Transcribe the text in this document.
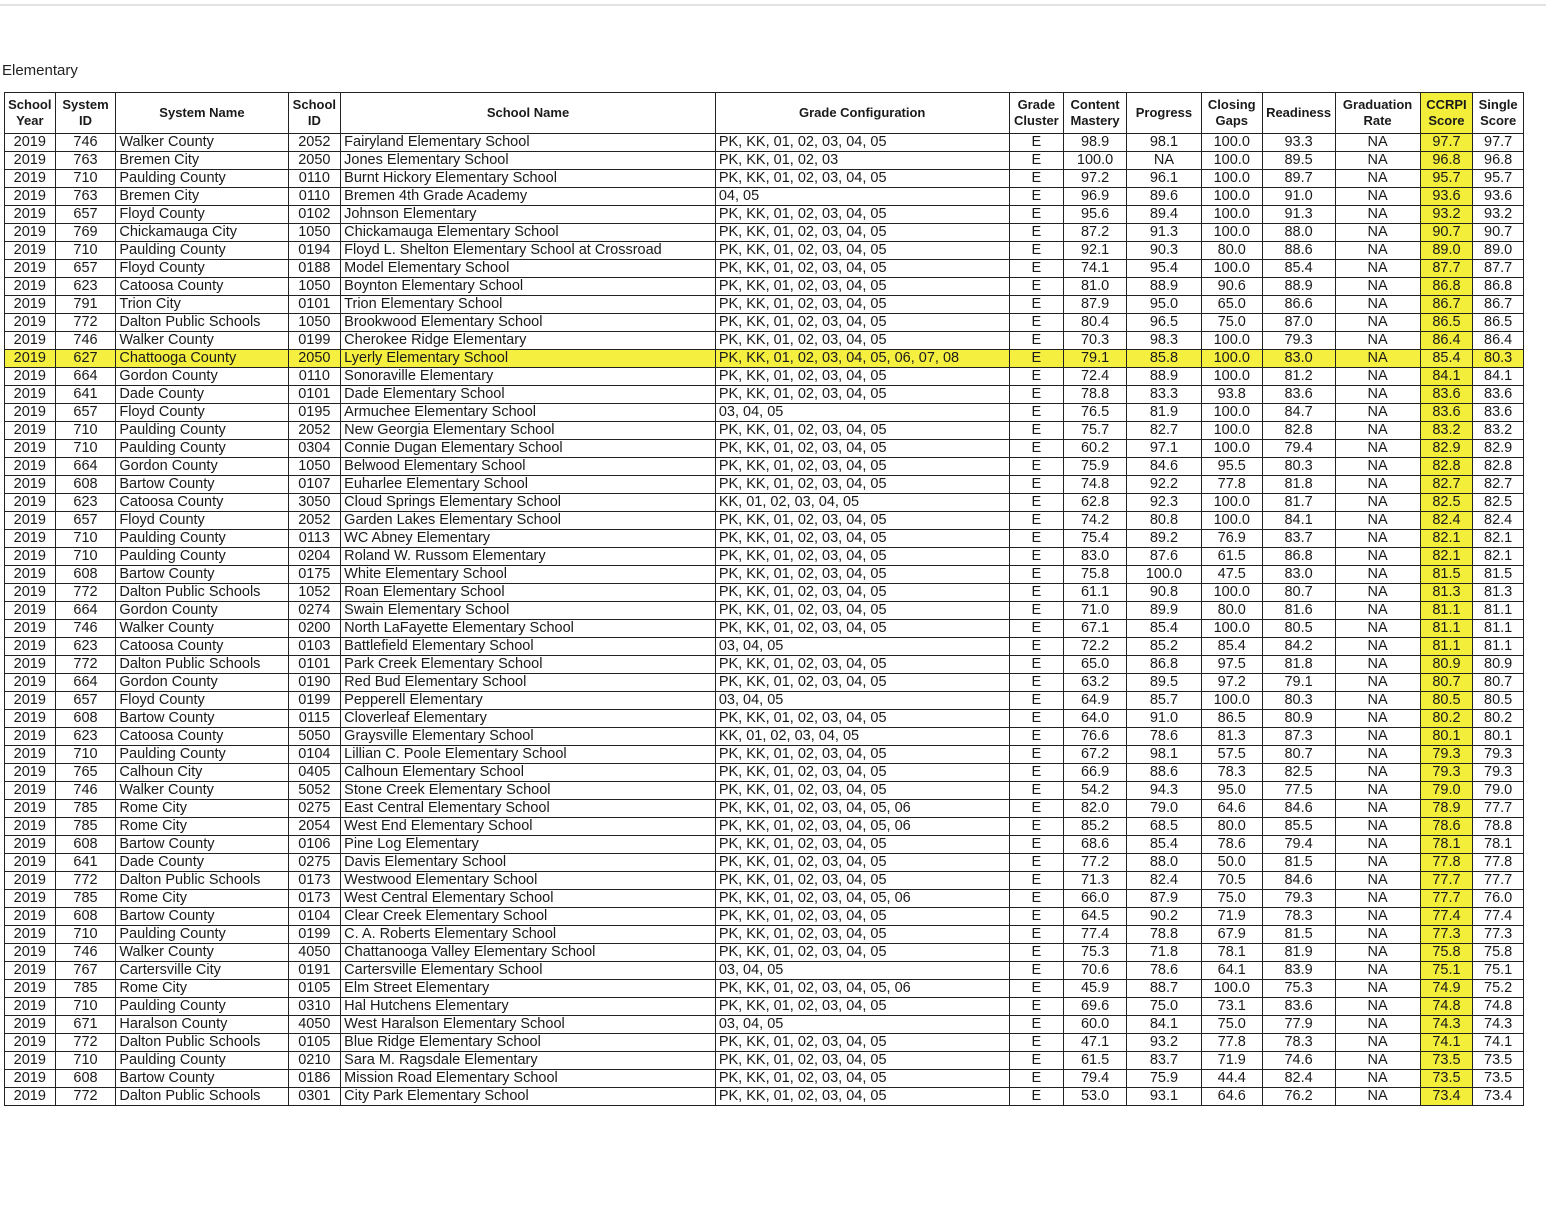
Elementary
School Year	System ID	System Name	School ID	School Name	Grade Configuration	Grade Cluster	Content Mastery	Progress	Closing Gaps	Readiness	Graduation Rate	CCRPI Score	Single Score
2019	746	Walker County	2052	Fairyland Elementary School	PK, KK, 01, 02, 03, 04, 05	E	98.9	98.1	100.0	93.3	NA	97.7	97.7
2019	763	Bremen City	2050	Jones Elementary School	PK, KK, 01, 02, 03	E	100.0	NA	100.0	89.5	NA	96.8	96.8
2019	710	Paulding County	0110	Burnt Hickory Elementary School	PK, KK, 01, 02, 03, 04, 05	E	97.2	96.1	100.0	89.7	NA	95.7	95.7
2019	763	Bremen City	0110	Bremen 4th Grade Academy	04, 05	E	96.9	89.6	100.0	91.0	NA	93.6	93.6
2019	657	Floyd County	0102	Johnson Elementary	PK, KK, 01, 02, 03, 04, 05	E	95.6	89.4	100.0	91.3	NA	93.2	93.2
2019	769	Chickamauga City	1050	Chickamauga Elementary School	PK, KK, 01, 02, 03, 04, 05	E	87.2	91.3	100.0	88.0	NA	90.7	90.7
2019	710	Paulding County	0194	Floyd L. Shelton Elementary School at Crossroad	PK, KK, 01, 02, 03, 04, 05	E	92.1	90.3	80.0	88.6	NA	89.0	89.0
2019	657	Floyd County	0188	Model Elementary School	PK, KK, 01, 02, 03, 04, 05	E	74.1	95.4	100.0	85.4	NA	87.7	87.7
2019	623	Catoosa County	1050	Boynton Elementary School	PK, KK, 01, 02, 03, 04, 05	E	81.0	88.9	90.6	88.9	NA	86.8	86.8
2019	791	Trion City	0101	Trion Elementary School	PK, KK, 01, 02, 03, 04, 05	E	87.9	95.0	65.0	86.6	NA	86.7	86.7
2019	772	Dalton Public Schools	1050	Brookwood Elementary School	PK, KK, 01, 02, 03, 04, 05	E	80.4	96.5	75.0	87.0	NA	86.5	86.5
2019	746	Walker County	0199	Cherokee Ridge Elementary	PK, KK, 01, 02, 03, 04, 05	E	70.3	98.3	100.0	79.3	NA	86.4	86.4
2019	627	Chattooga County	2050	Lyerly Elementary School	PK, KK, 01, 02, 03, 04, 05, 06, 07, 08	E	79.1	85.8	100.0	83.0	NA	85.4	80.3
2019	664	Gordon County	0110	Sonoraville Elementary	PK, KK, 01, 02, 03, 04, 05	E	72.4	88.9	100.0	81.2	NA	84.1	84.1
2019	641	Dade County	0101	Dade Elementary School	PK, KK, 01, 02, 03, 04, 05	E	78.8	83.3	93.8	83.6	NA	83.6	83.6
2019	657	Floyd County	0195	Armuchee Elementary School	03, 04, 05	E	76.5	81.9	100.0	84.7	NA	83.6	83.6
2019	710	Paulding County	2052	New Georgia Elementary School	PK, KK, 01, 02, 03, 04, 05	E	75.7	82.7	100.0	82.8	NA	83.2	83.2
2019	710	Paulding County	0304	Connie Dugan Elementary School	PK, KK, 01, 02, 03, 04, 05	E	60.2	97.1	100.0	79.4	NA	82.9	82.9
2019	664	Gordon County	1050	Belwood Elementary School	PK, KK, 01, 02, 03, 04, 05	E	75.9	84.6	95.5	80.3	NA	82.8	82.8
2019	608	Bartow County	0107	Euharlee Elementary School	PK, KK, 01, 02, 03, 04, 05	E	74.8	92.2	77.8	81.8	NA	82.7	82.7
2019	623	Catoosa County	3050	Cloud Springs Elementary School	KK, 01, 02, 03, 04, 05	E	62.8	92.3	100.0	81.7	NA	82.5	82.5
2019	657	Floyd County	2052	Garden Lakes Elementary School	PK, KK, 01, 02, 03, 04, 05	E	74.2	80.8	100.0	84.1	NA	82.4	82.4
2019	710	Paulding County	0113	WC Abney Elementary	PK, KK, 01, 02, 03, 04, 05	E	75.4	89.2	76.9	83.7	NA	82.1	82.1
2019	710	Paulding County	0204	Roland W. Russom Elementary	PK, KK, 01, 02, 03, 04, 05	E	83.0	87.6	61.5	86.8	NA	82.1	82.1
2019	608	Bartow County	0175	White Elementary School	PK, KK, 01, 02, 03, 04, 05	E	75.8	100.0	47.5	83.0	NA	81.5	81.5
2019	772	Dalton Public Schools	1052	Roan Elementary School	PK, KK, 01, 02, 03, 04, 05	E	61.1	90.8	100.0	80.7	NA	81.3	81.3
2019	664	Gordon County	0274	Swain Elementary School	PK, KK, 01, 02, 03, 04, 05	E	71.0	89.9	80.0	81.6	NA	81.1	81.1
2019	746	Walker County	0200	North LaFayette Elementary School	PK, KK, 01, 02, 03, 04, 05	E	67.1	85.4	100.0	80.5	NA	81.1	81.1
2019	623	Catoosa County	0103	Battlefield Elementary School	03, 04, 05	E	72.2	85.2	85.4	84.2	NA	81.1	81.1
2019	772	Dalton Public Schools	0101	Park Creek Elementary School	PK, KK, 01, 02, 03, 04, 05	E	65.0	86.8	97.5	81.8	NA	80.9	80.9
2019	664	Gordon County	0190	Red Bud Elementary School	PK, KK, 01, 02, 03, 04, 05	E	63.2	89.5	97.2	79.1	NA	80.7	80.7
2019	657	Floyd County	0199	Pepperell Elementary	03, 04, 05	E	64.9	85.7	100.0	80.3	NA	80.5	80.5
2019	608	Bartow County	0115	Cloverleaf Elementary	PK, KK, 01, 02, 03, 04, 05	E	64.0	91.0	86.5	80.9	NA	80.2	80.2
2019	623	Catoosa County	5050	Graysville Elementary School	KK, 01, 02, 03, 04, 05	E	76.6	78.6	81.3	87.3	NA	80.1	80.1
2019	710	Paulding County	0104	Lillian C. Poole Elementary School	PK, KK, 01, 02, 03, 04, 05	E	67.2	98.1	57.5	80.7	NA	79.3	79.3
2019	765	Calhoun City	0405	Calhoun Elementary School	PK, KK, 01, 02, 03, 04, 05	E	66.9	88.6	78.3	82.5	NA	79.3	79.3
2019	746	Walker County	5052	Stone Creek Elementary School	PK, KK, 01, 02, 03, 04, 05	E	54.2	94.3	95.0	77.5	NA	79.0	79.0
2019	785	Rome City	0275	East Central Elementary School	PK, KK, 01, 02, 03, 04, 05, 06	E	82.0	79.0	64.6	84.6	NA	78.9	77.7
2019	785	Rome City	2054	West End Elementary School	PK, KK, 01, 02, 03, 04, 05, 06	E	85.2	68.5	80.0	85.5	NA	78.6	78.8
2019	608	Bartow County	0106	Pine Log Elementary	PK, KK, 01, 02, 03, 04, 05	E	68.6	85.4	78.6	79.4	NA	78.1	78.1
2019	641	Dade County	0275	Davis Elementary School	PK, KK, 01, 02, 03, 04, 05	E	77.2	88.0	50.0	81.5	NA	77.8	77.8
2019	772	Dalton Public Schools	0173	Westwood Elementary School	PK, KK, 01, 02, 03, 04, 05	E	71.3	82.4	70.5	84.6	NA	77.7	77.7
2019	785	Rome City	0173	West Central Elementary School	PK, KK, 01, 02, 03, 04, 05, 06	E	66.0	87.9	75.0	79.3	NA	77.7	76.0
2019	608	Bartow County	0104	Clear Creek Elementary School	PK, KK, 01, 02, 03, 04, 05	E	64.5	90.2	71.9	78.3	NA	77.4	77.4
2019	710	Paulding County	0199	C. A. Roberts Elementary School	PK, KK, 01, 02, 03, 04, 05	E	77.4	78.8	67.9	81.5	NA	77.3	77.3
2019	746	Walker County	4050	Chattanooga Valley Elementary School	PK, KK, 01, 02, 03, 04, 05	E	75.3	71.8	78.1	81.9	NA	75.8	75.8
2019	767	Cartersville City	0191	Cartersville Elementary School	03, 04, 05	E	70.6	78.6	64.1	83.9	NA	75.1	75.1
2019	785	Rome City	0105	Elm Street Elementary	PK, KK, 01, 02, 03, 04, 05, 06	E	45.9	88.7	100.0	75.3	NA	74.9	75.2
2019	710	Paulding County	0310	Hal Hutchens Elementary	PK, KK, 01, 02, 03, 04, 05	E	69.6	75.0	73.1	83.6	NA	74.8	74.8
2019	671	Haralson County	4050	West Haralson Elementary School	03, 04, 05	E	60.0	84.1	75.0	77.9	NA	74.3	74.3
2019	772	Dalton Public Schools	0105	Blue Ridge Elementary School	PK, KK, 01, 02, 03, 04, 05	E	47.1	93.2	77.8	78.3	NA	74.1	74.1
2019	710	Paulding County	0210	Sara M. Ragsdale Elementary	PK, KK, 01, 02, 03, 04, 05	E	61.5	83.7	71.9	74.6	NA	73.5	73.5
2019	608	Bartow County	0186	Mission Road Elementary School	PK, KK, 01, 02, 03, 04, 05	E	79.4	75.9	44.4	82.4	NA	73.5	73.5
2019	772	Dalton Public Schools	0301	City Park Elementary School	PK, KK, 01, 02, 03, 04, 05	E	53.0	93.1	64.6	76.2	NA	73.4	73.4
